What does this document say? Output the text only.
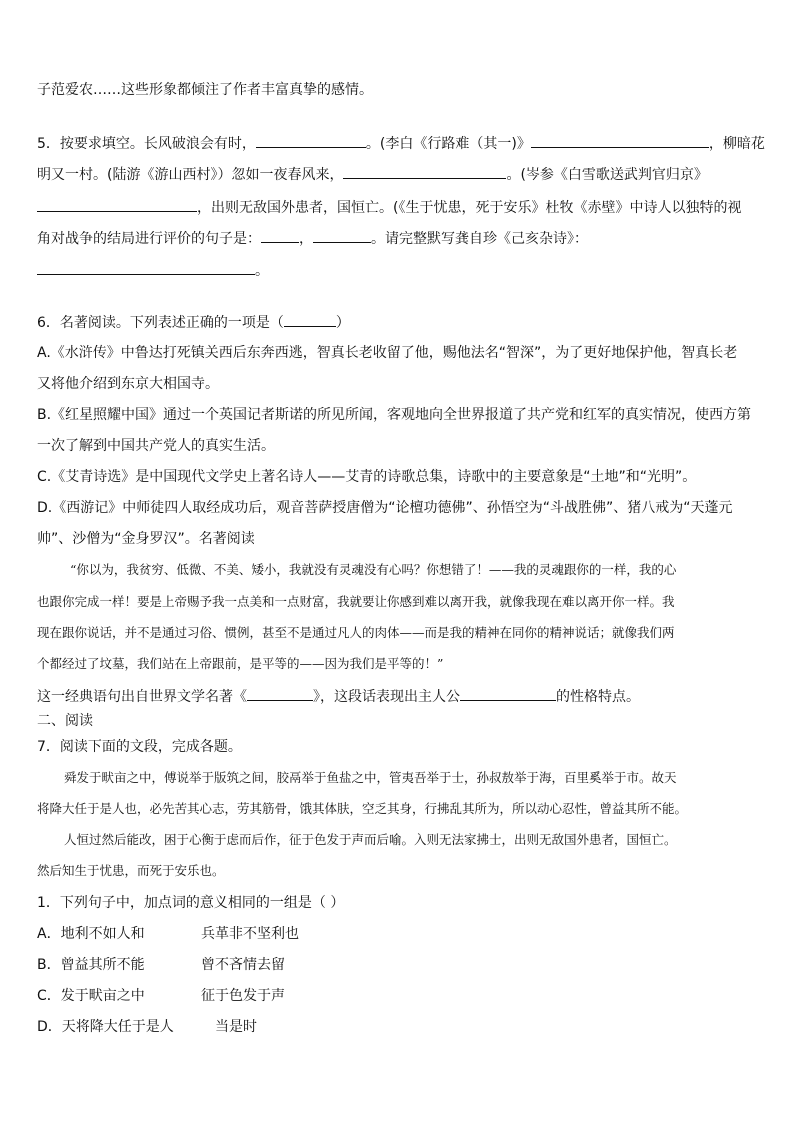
子范爱农……这些形象都倾注了作者丰富真挚的感情。
5．按要求填空。长风破浪会有时，	。(李白《行路难（其一)》	，柳暗花
明又一村。(陆游《游山西村》）忽如一夜春风来，	。(岑参《白雪歌送武判官归京》
，出则无敌国外患者，国恒亡。(《生于忧患，死于安乐》杜牧《赤壁》中诗人以独特的视
角对战争的结局进行评价的句子是：	，	。请完整默写龚自珍《己亥杂诗》：
。
6．名著阅读。下列表述正确的一项是（	）
A.《水浒传》中鲁达打死镇关西后东奔西逃，智真长老收留了他，赐他法名“智深”，为了更好地保护他，智真长老
又将他介绍到东京大相国寺。
B.《红星照耀中国》通过一个英国记者斯诺的所见所闻，客观地向全世界报道了共产党和红军的真实情况，使西方第
一次了解到中国共产党人的真实生活。
C.《艾青诗选》是中国现代文学史上著名诗人——艾青的诗歌总集，诗歌中的主要意象是“土地”和“光明”。
D.《西游记》中师徒四人取经成功后，观音菩萨授唐僧为“论檀功德佛”、孙悟空为“斗战胜佛”、猪八戒为“天蓬元
帅”、沙僧为“金身罗汉”。名著阅读
“你以为，我贫穷、低微、不美、矮小，我就没有灵魂没有心吗？你想错了！——我的灵魂跟你的一样，我的心
也跟你完成一样！要是上帝赐予我一点美和一点财富，我就要让你感到难以离开我，就像我现在难以离开你一样。我
现在跟你说话，并不是通过习俗、惯例，甚至不是通过凡人的肉体——而是我的精神在同你的精神说话；就像我们两
个都经过了坟墓，我们站在上帝跟前，是平等的——因为我们是平等的！”
这一经典语句出自世界文学名著《	》，这段话表现出主人公	的性格特点。
二、阅读
7．阅读下面的文段，完成各题。
舜发于畎亩之中，傅说举于版筑之间，胶鬲举于鱼盐之中，管夷吾举于士，孙叔敖举于海，百里奚举于市。故天
将降大任于是人也，必先苦其心志，劳其筋骨，饿其体肤，空乏其身，行拂乱其所为，所以动心忍性，曾益其所不能。
人恒过然后能改，困于心衡于虑而后作，征于色发于声而后喻。入则无法家拂士，出则无敌国外患者，国恒亡。
然后知生于忧患，而死于安乐也。
1．下列句子中，加点词的意义相同的一组是（ ）
A．地利不如人和	兵革非不坚利也
B．曾益其所不能	曾不吝情去留
C．发于畎亩之中	征于色发于声
D．天将降大任于是人	当是时
